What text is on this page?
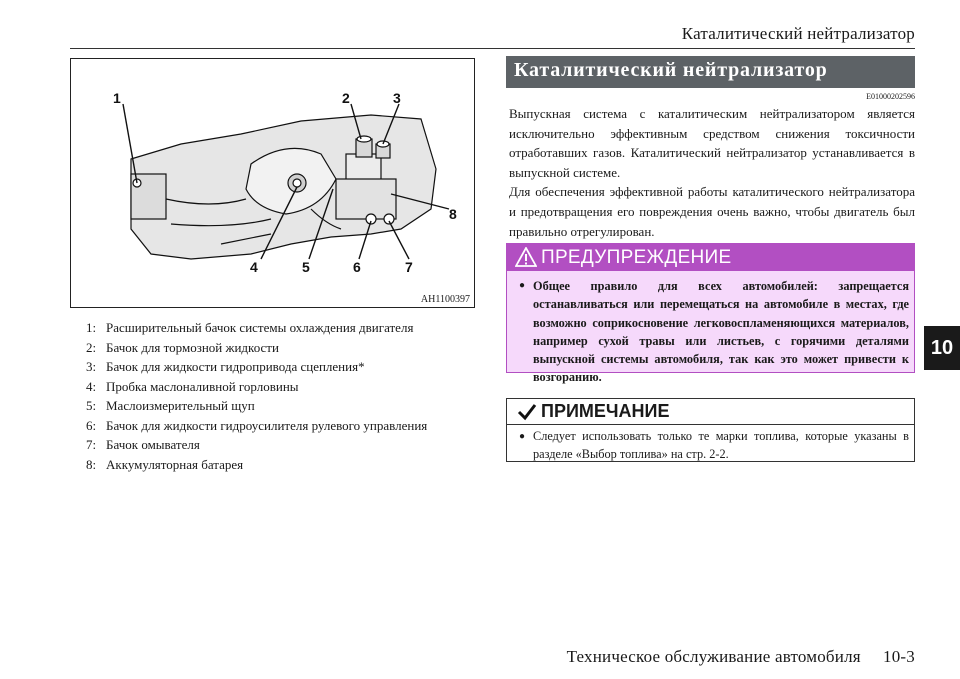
Каталитический нейтрализатор
1	2	3
4	5	6	7
8
AH1100397
1: Расширительный бачок системы охлаждения двигателя
2: Бачок для тормозной жидкости
3: Бачок для жидкости гидропривода сцепления*
4: Пробка маслоналивной горловины
5: Маслоизмерительный щуп
6: Бачок для жидкости гидроусилителя рулевого управления
7: Бачок омывателя
8: Аккумуляторная батарея
Каталитический нейтрализатор
E01000202596

Выпускная система с каталитическим нейтрализатором является исключительно эффективным средством снижения токсичности отработавших газов. Каталитический нейтрализатор устанавливается в выпускной системе.

Для обеспечения эффективной работы каталитического нейтрализатора и предотвращения его повреждения очень важно, чтобы двигатель был правильно отрегулирован.

ПРЕДУПРЕЖДЕНИЕ
● Общее правило для всех автомобилей: запрещается останавливаться или перемещаться на автомобиле в местах, где возможно соприкосновение легковоспламеняющихся материалов, например сухой травы или листьев, с горячими деталями выпускной системы автомобиля, так как это может привести к возгоранию.
ПРИМЕЧАНИЕ
● Следует использовать только те марки топлива, которые указаны в разделе «Выбор топлива» на стр. 2-2.
10
Техническое обслуживание автомобиля     10-3
